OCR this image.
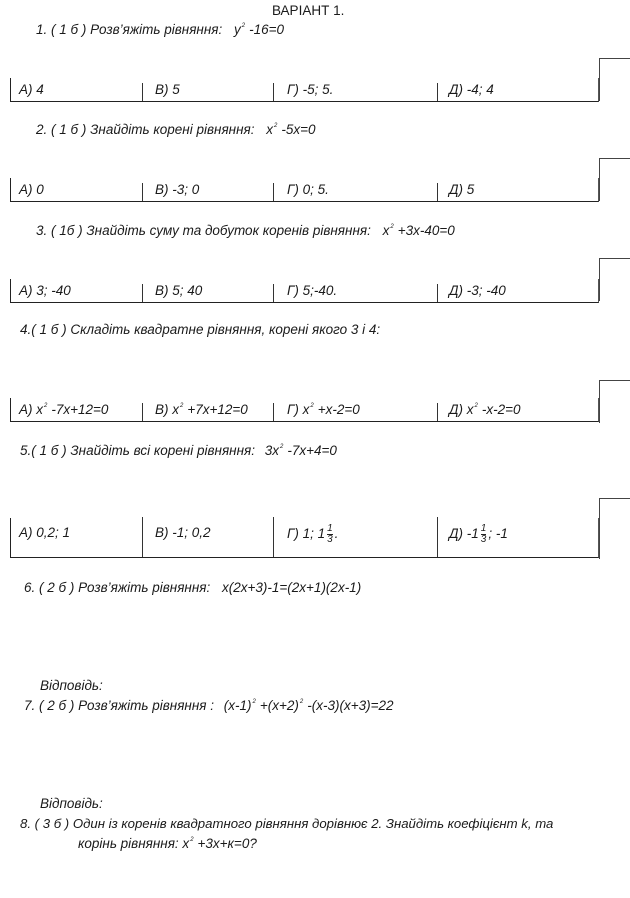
ВАРІАНТ 1.
1. ( 1 б ) Розв’яжіть рівняння: $y^2$ -16=0
А) 4	В) 5	Г) -5; 5.	Д) -4; 4
2. ( 1 б ) Знайдіть корені рівняння: $x^2$ -5x=0
А) 0	В) -3; 0	Г) 0; 5.	Д) 5
3. ( 1б ) Знайдіть суму та добуток коренів рівняння: $x^2 +3x-40=0$
А) 3; -40	В) 5; 40	Г) 5;-40.	Д) -3; -40
4.( 1 б ) Складіть квадратне рівняння, корені якого 3 і 4:
А) $x^2$ -7x+12=0	В) $x^2 +7x+12=0$	Г) $x^2 +x-2=0$	Д) $x^2$ -x-2=0
5.( 1 б ) Знайдіть всі корені рівняння: $3x^2$ -7x+4=0
А) 0,2; 1	В) -1; 0,2	Г) 1; $1 \frac{1}{3}$ .	Д) $-1 \frac{1}{3}$ ; -1
6. ( 2 б ) Розв’яжіть рівняння: x(2x+3)-1=(2x+1)(2x-1)
Відповідь:
7. ( 2 б ) Розв’яжіть рівняння : $(x-1)^2 +(x+2)^2$ -(x-3)(x+3)=22
Відповідь:
8. ( 3 б ) Один із коренів квадратного рівняння дорівнює 2. Знайдіть коефіцієнт k, та
корінь рівняння: $x^2 +3x+к=0$?
